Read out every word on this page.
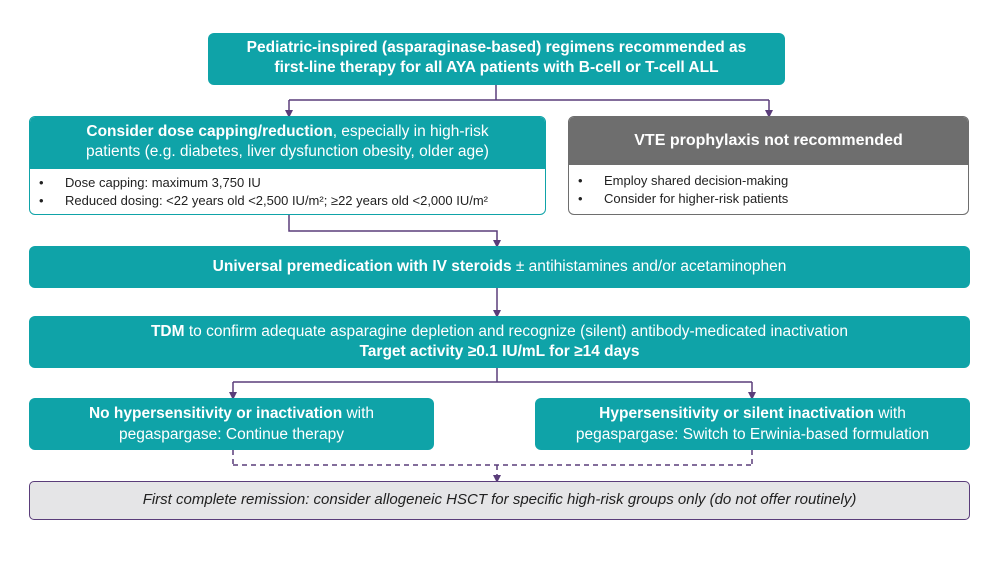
Pediatric-inspired (asparaginase-based) regimens recommended as
first-line therapy for all AYA patients with B-cell or T-cell ALL
Consider dose capping/reduction, especially in high-risk
patients (e.g. diabetes, liver dysfunction obesity, older age)
• Dose capping: maximum 3,750 IU
• Reduced dosing: <22 years old <2,500 IU/m²; ≥22 years old <2,000 IU/m²
VTE prophylaxis not recommended
• Employ shared decision-making
• Consider for higher-risk patients
Universal premedication with IV steroids ± antihistamines and/or acetaminophen
TDM to confirm adequate asparagine depletion and recognize (silent) antibody-medicated inactivation
Target activity ≥0.1 IU/mL for ≥14 days
No hypersensitivity or inactivation with
pegaspargase: Continue therapy
Hypersensitivity or silent inactivation with
pegaspargase: Switch to Erwinia-based formulation
First complete remission: consider allogeneic HSCT for specific high-risk groups only (do not offer routinely)
